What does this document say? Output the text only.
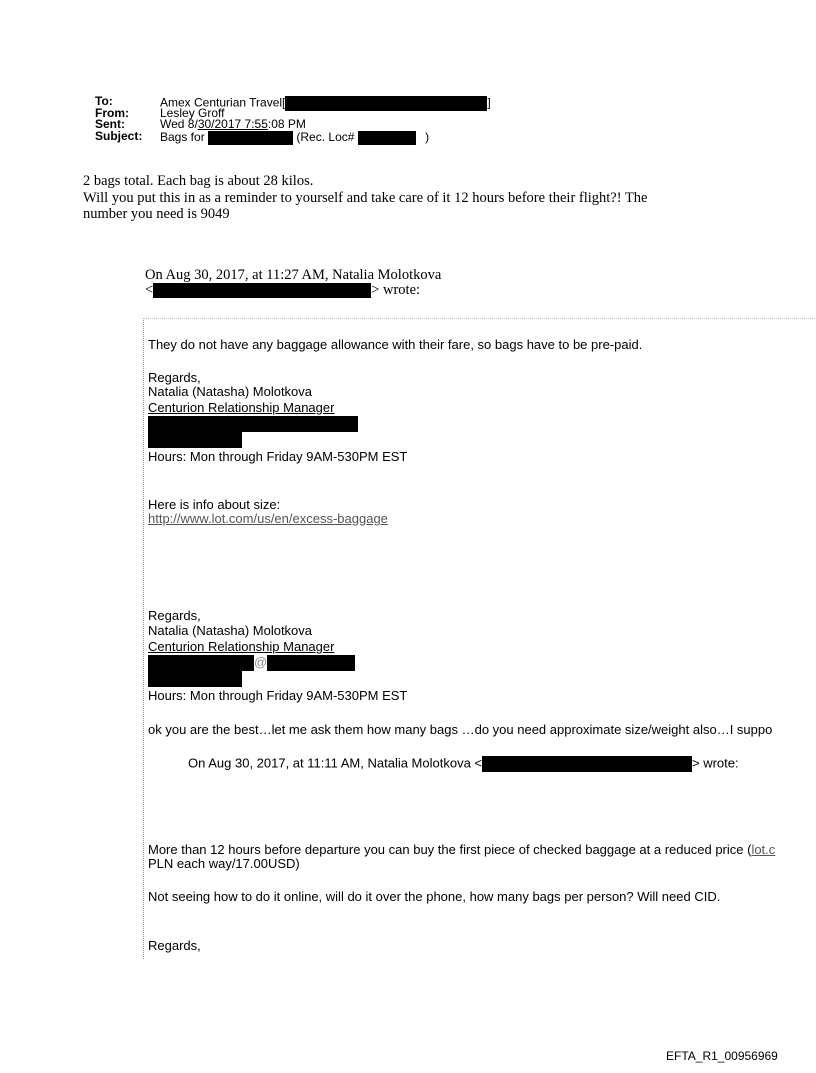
To:	Amex Centurian Travel[	]
From:	Lesley Groff
Sent:	Wed 8/30/2017 7:55:08 PM
Subject: Bags for	(Rec. Loc#	)

2 bags total. Each bag is about 28 kilos.

Will you put this in as a reminder to yourself and take care of it 12 hours before their flight?! The

number you need is 9049

On Aug 30, 2017, at 11:27 AM, Natalia Molotkova
<	> wrote:
They do not have any baggage allowance with their fare, so bags have to be pre-paid.
Regards,
Natalia (Natasha) Molotkova
Centurion Relationship Manager
Hours: Mon through Friday 9AM-530PM EST
Here is info about size:
http://www.lot.com/us/en/excess-baggage
Regards,
Natalia (Natasha) Molotkova
Centurion Relationship Manager
@
Hours: Mon through Friday 9AM-530PM EST
ok you are the best…let me ask them how many bags …do you need approximate size/weight also…I suppo
On Aug 30, 2017, at 11:11 AM, Natalia Molotkova <	> wrote:
More than 12 hours before departure you can buy the first piece of checked baggage at a reduced price (lot.c
PLN each way/17.00USD)
Not seeing how to do it online, will do it over the phone, how many bags per person? Will need CID.
Regards,
EFTA_R1_00956969
